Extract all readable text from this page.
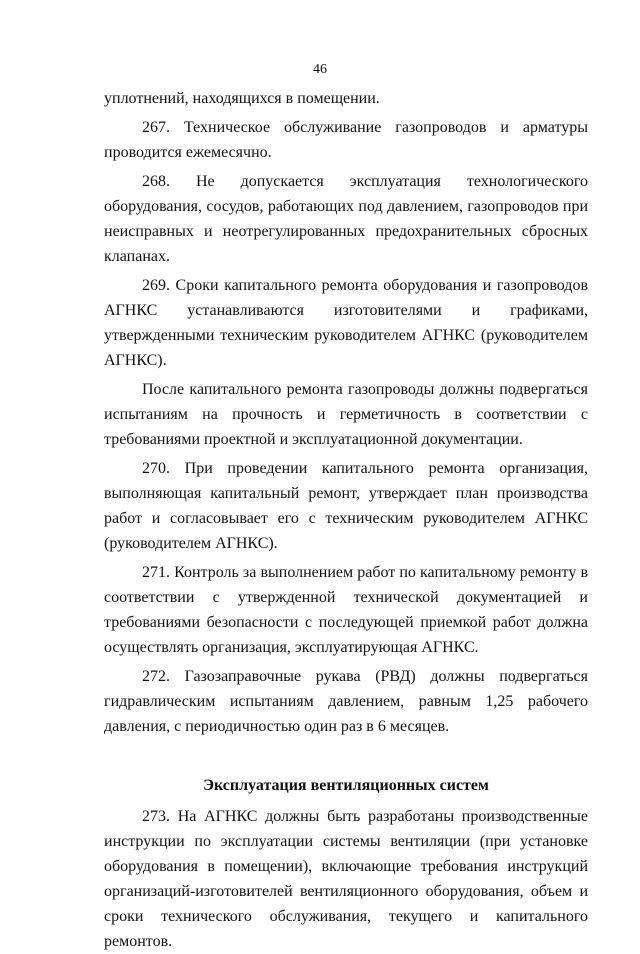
46

уплотнений, находящихся в помещении.

267. Техническое обслуживание газопроводов и арматуры проводится ежемесячно.

268. Не допускается эксплуатация технологического оборудования, сосудов, работающих под давлением, газопроводов при неисправных и неотрегулированных предохранительных сбросных клапанах.

269. Сроки капитального ремонта оборудования и газопроводов АГНКС устанавливаются изготовителями и графиками, утвержденными техническим руководителем АГНКС (руководителем АГНКС).

После капитального ремонта газопроводы должны подвергаться испытаниям на прочность и герметичность в соответствии с требованиями проектной и эксплуатационной документации.

270. При проведении капитального ремонта организация, выполняющая капитальный ремонт, утверждает план производства работ и согласовывает его с техническим руководителем АГНКС (руководителем АГНКС).

271. Контроль за выполнением работ по капитальному ремонту в соответствии с утвержденной технической документацией и требованиями безопасности с последующей приемкой работ должна осуществлять организация, эксплуатирующая АГНКС.

272. Газозаправочные рукава (РВД) должны подвергаться гидравлическим испытаниям давлением, равным 1,25 рабочего давления, с периодичностью один раз в 6 месяцев.

Эксплуатация вентиляционных систем

273. На АГНКС должны быть разработаны производственные инструкции по эксплуатации системы вентиляции (при установке оборудования в помещении), включающие требования инструкций организаций-изготовителей вентиляционного оборудования, объем и сроки технического обслуживания, текущего и капитального ремонтов.
